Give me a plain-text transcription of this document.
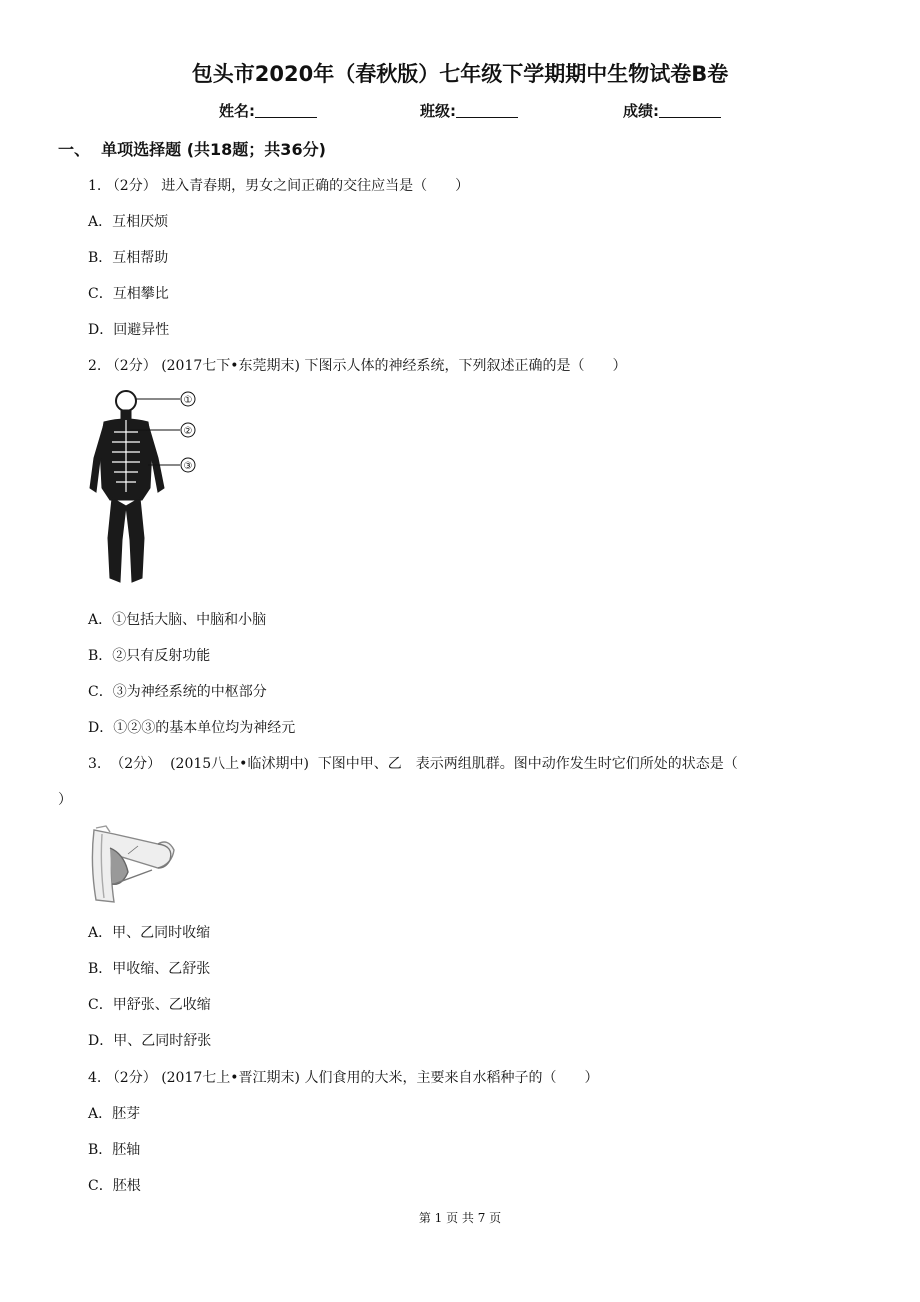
包头市2020年（春秋版）七年级下学期期中生物试卷B卷
姓名:	班级:	成绩:
一、 单项选择题 (共18题；共36分)
1. （2分） 进入青春期，男女之间正确的交往应当是（　　）
A．互相厌烦
B．互相帮助
C．互相攀比
D．回避异性
2. （2分） (2017七下•东莞期末) 下图示人体的神经系统，下列叙述正确的是（　　）
①
②
③
A．①包括大脑、中脑和小脑
B．②只有反射功能
C．③为神经系统的中枢部分
D．①②③的基本单位均为神经元
3. （2分） (2015八上•临沭期中) 下图中甲、乙　表示两组肌群。图中动作发生时它们所处的状态是（
）
A．甲、乙同时收缩
B．甲收缩、乙舒张
C．甲舒张、乙收缩
D．甲、乙同时舒张
4. （2分） (2017七上•晋江期末) 人们食用的大米，主要来自水稻种子的（　　）
A．胚芽
B．胚轴
C．胚根
第 1 页 共 7 页
